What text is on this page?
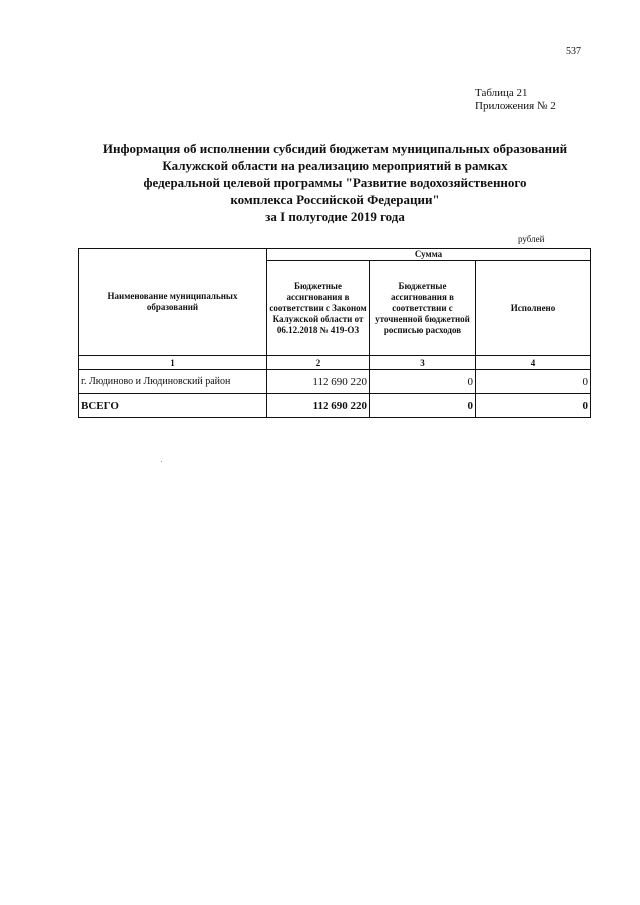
537
Таблица 21
Приложения № 2
Информация об исполнении субсидий бюджетам муниципальных образований
Калужской области на реализацию мероприятий в рамках
федеральной целевой программы "Развитие водохозяйственного
комплекса Российской Федерации"
за I полугодие 2019 года
рублей
Наименование муниципальных образований	Сумма		
	Бюджетные ассигнования в соответствии с Законом Калужской области от 06.12.2018 № 419-ОЗ	Бюджетные ассигнования в соответствии с уточненной бюджетной росписью расходов	Исполнено
1	2	3	4
г. Людиново и Людиновский район	112 690 220	0	0
ВСЕГО	112 690 220	0	0
